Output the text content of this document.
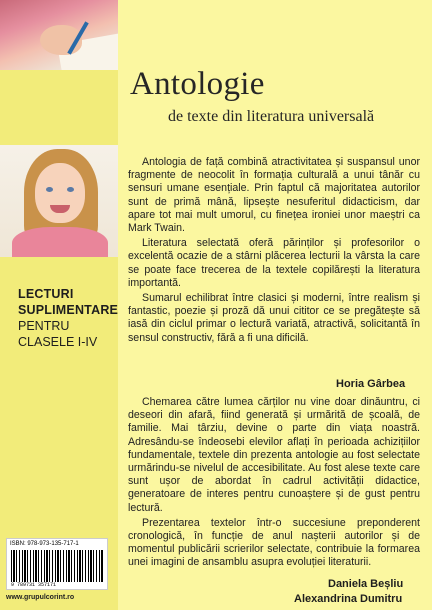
LECTURI
SUPLIMENTARE
PENTRU
CLASELE I-IV
ISBN: 978-973-135-717-1
9 789731 357171
www.grupulcorint.ro
Antologie
de texte din literatura universală

Antologia de față combină atractivitatea și suspansul unor fragmente de neocolit în formația culturală a unui tânăr cu sensuri umane esențiale. Prin faptul că majoritatea autorilor sunt de primă mână, lipsește nesuferitul didacticism, dar apare tot mai mult umorul, cu finețea ironiei unor maeștri ca Mark Twain.

Literatura selectată oferă părinților și profesorilor o excelentă ocazie de a stârni plăcerea lecturii la vârsta la care se poate face trecerea de la textele copilărești la literatura importantă.

Sumarul echilibrat între clasici și moderni, între realism și fantastic, poezie și proză dă unui cititor ce se pregătește să iasă din ciclul primar o lectură variată, atractivă, solicitantă în sensul constructiv, fără a fi una dificilă.

Horia Gârbea

Chemarea către lumea cărților nu vine doar dinăuntru, ci deseori din afară, fiind generată și urmărită de școală, de familie. Mai târziu, devine o parte din viața noastră. Adresându-se îndeosebi elevilor aflați în perioada achizițiilor fundamentale, textele din prezenta antologie au fost selectate urmărindu-se nivelul de accesibilitate. Au fost alese texte care sunt ușor de abordat în cadrul activității didactice, generatoare de interes pentru cunoaștere și de gust pentru lectură.

Prezentarea textelor într-o succesiune preponderent cronologică, în funcție de anul nașterii autorilor și de momentul publicării scrierilor selectate, contribuie la formarea unei imagini de ansamblu asupra evoluției literaturii.

Daniela Beșliu
Alexandrina Dumitru
